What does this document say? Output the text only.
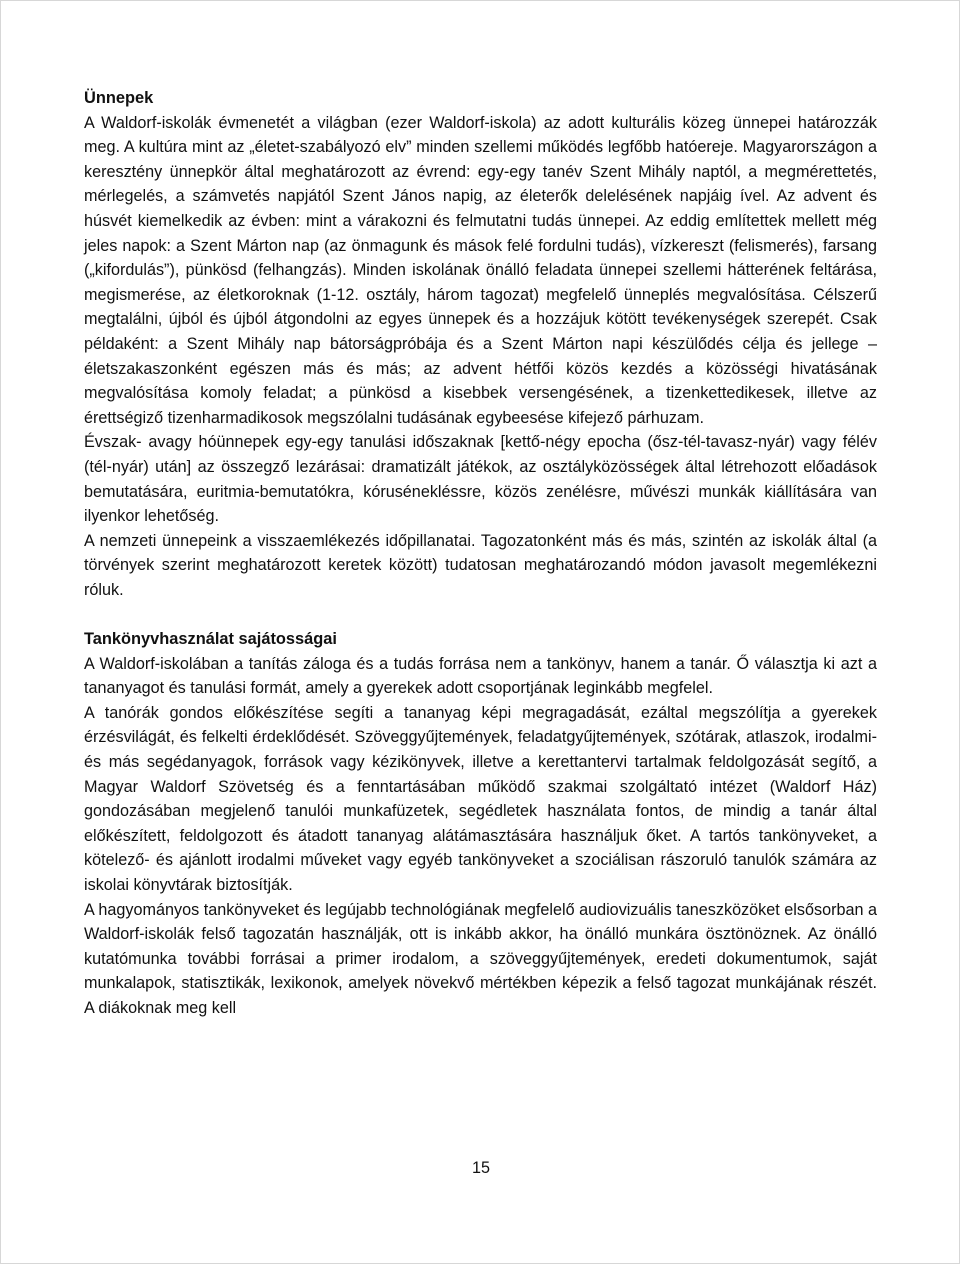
Ünnepek

A Waldorf-iskolák évmenetét a világban (ezer Waldorf-iskola) az adott kulturális közeg ünnepei határozzák meg. A kultúra mint az „életet-szabályozó elv” minden szellemi működés legfőbb hatóereje. Magyarországon a keresztény ünnepkör által meghatározott az évrend: egy-egy tanév Szent Mihály naptól, a megmérettetés, mérlegelés, a számvetés napjától Szent János napig, az életerők delelésének napjáig ível. Az advent és húsvét kiemelkedik az évben: mint a várakozni és felmutatni tudás ünnepei. Az eddig említettek mellett még jeles napok: a Szent Márton nap (az önmagunk és mások felé fordulni tudás), vízkereszt (felismerés), farsang („kifordulás”), pünkösd (felhangzás). Minden iskolának önálló feladata ünnepei szellemi hátterének feltárása, megismerése, az életkoroknak (1-12. osztály, három tagozat) megfelelő ünneplés megvalósítása. Célszerű megtalálni, újból és újból átgondolni az egyes ünnepek és a hozzájuk kötött tevékenységek szerepét. Csak példaként: a Szent Mihály nap bátorságpróbája és a Szent Márton napi készülődés célja és jellege – életszakaszonként egészen más és más; az advent hétfői közös kezdés a közösségi hivatásának megvalósítása komoly feladat; a pünkösd a kisebbek versengésének, a tizenkettedikesek, illetve az érettségiző tizenharmadikosok megszólalni tudásának egybeesése kifejező párhuzam.

Évszak- avagy hóünnepek egy-egy tanulási időszaknak [kettő-négy epocha (ősz-tél-tavasz-nyár) vagy félév (tél-nyár) után] az összegző lezárásai: dramatizált játékok, az osztályközösségek által létrehozott előadások bemutatására, euritmia-bemutatókra, kórusénekléssre, közös zenélésre, művészi munkák kiállítására van ilyenkor lehetőség.

A nemzeti ünnepeink a visszaemlékezés időpillanatai. Tagozatonként más és más, szintén az iskolák által (a törvények szerint meghatározott keretek között) tudatosan meghatározandó módon javasolt megemlékezni róluk.

Tankönyvhasználat sajátosságai

A Waldorf-iskolában a tanítás záloga és a tudás forrása nem a tankönyv, hanem a tanár. Ő választja ki azt a tananyagot és tanulási formát, amely a gyerekek adott csoportjának leginkább megfelel.

A tanórák gondos előkészítése segíti a tananyag képi megragadását, ezáltal megszólítja a gyerekek érzésvilágát, és felkelti érdeklődését. Szöveggyűjtemények, feladatgyűjtemények, szótárak, atlaszok, irodalmi- és más segédanyagok, források vagy kézikönyvek, illetve a kerettantervi tartalmak feldolgozását segítő, a Magyar Waldorf Szövetség és a fenntartásában működő szakmai szolgáltató intézet (Waldorf Ház) gondozásában megjelenő tanulói munkafüzetek, segédletek használata fontos, de mindig a tanár által előkészített, feldolgozott és átadott tananyag alátámasztására használjuk őket. A tartós tankönyveket, a kötelező- és ajánlott irodalmi műveket vagy egyéb tankönyveket a szociálisan rászoruló tanulók számára az iskolai könyvtárak biztosítják.

A hagyományos tankönyveket és legújabb technológiának megfelelő audiovizuális taneszközöket elsősorban a Waldorf-iskolák felső tagozatán használják, ott is inkább akkor, ha önálló munkára ösztönöznek. Az önálló kutatómunka további forrásai a primer irodalom, a szöveggyűjtemények, eredeti dokumentumok, saját munkalapok, statisztikák, lexikonok, amelyek növekvő mértékben képezik a felső tagozat munkájának részét. A diákoknak meg kell

15
